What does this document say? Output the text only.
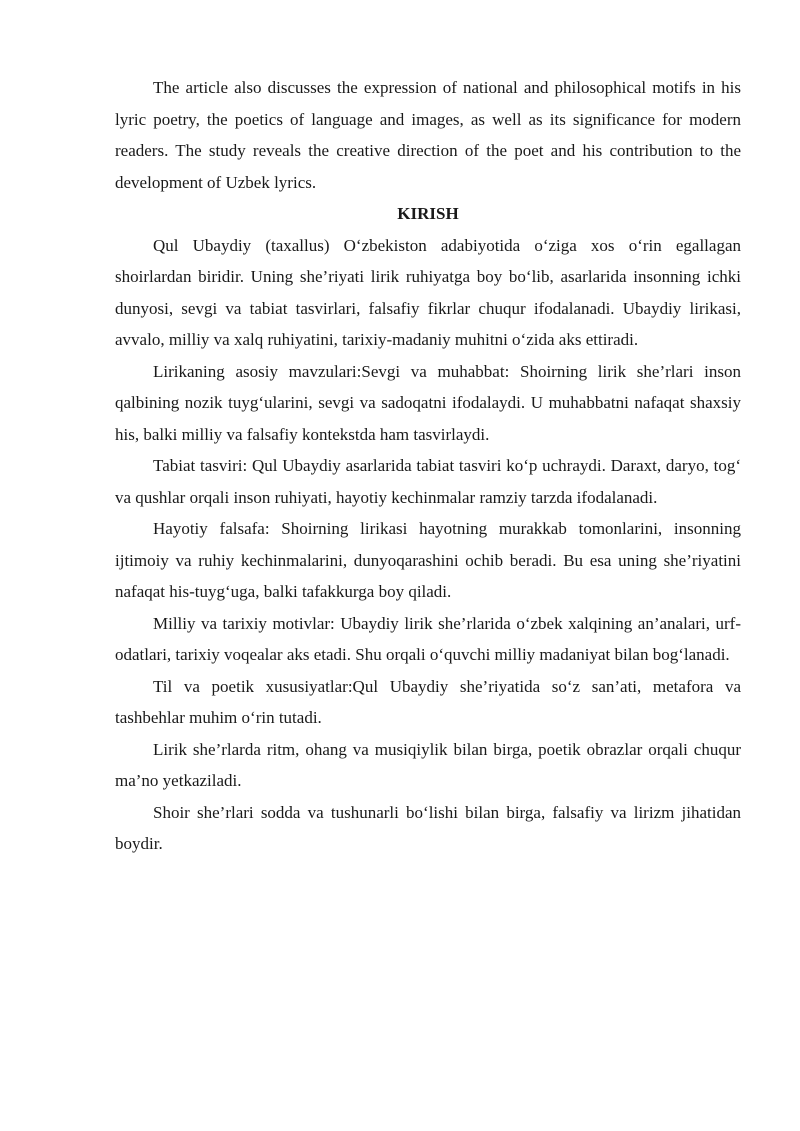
The article also discusses the expression of national and philosophical motifs in his lyric poetry, the poetics of language and images, as well as its significance for modern readers. The study reveals the creative direction of the poet and his contribution to the development of Uzbek lyrics.

KIRISH

Qul Ubaydiy (taxallus) O‘zbekiston adabiyotida o‘ziga xos o‘rin egallagan shoirlardan biridir. Uning she’riyati lirik ruhiyatga boy bo‘lib, asarlarida insonning ichki dunyosi, sevgi va tabiat tasvirlari, falsafiy fikrlar chuqur ifodalanadi. Ubaydiy lirikasi, avvalo, milliy va xalq ruhiyatini, tarixiy-madaniy muhitni o‘zida aks ettiradi.

Lirikaning asosiy mavzulari:Sevgi va muhabbat: Shoirning lirik she’rlari inson qalbining nozik tuyg‘ularini, sevgi va sadoqatni ifodalaydi. U muhabbatni nafaqat shaxsiy his, balki milliy va falsafiy kontekstda ham tasvirlaydi.

Tabiat tasviri: Qul Ubaydiy asarlarida tabiat tasviri ko‘p uchraydi. Daraxt, daryo, tog‘ va qushlar orqali inson ruhiyati, hayotiy kechinmalar ramziy tarzda ifodalanadi.

Hayotiy falsafa: Shoirning lirikasi hayotning murakkab tomonlarini, insonning ijtimoiy va ruhiy kechinmalarini, dunyoqarashini ochib beradi. Bu esa uning she’riyatini nafaqat his-tuyg‘uga, balki tafakkurga boy qiladi.

Milliy va tarixiy motivlar: Ubaydiy lirik she’rlarida o‘zbek xalqining an’analari, urf-odatlari, tarixiy voqealar aks etadi. Shu orqali o‘quvchi milliy madaniyat bilan bog‘lanadi.

Til va poetik xususiyatlar:Qul Ubaydiy she’riyatida so‘z san’ati, metafora va tashbehlar muhim o‘rin tutadi.

Lirik she’rlarda ritm, ohang va musiqiylik bilan birga, poetik obrazlar orqali chuqur ma’no yetkaziladi.

Shoir she’rlari sodda va tushunarli bo‘lishi bilan birga, falsafiy va lirizm jihatidan boydir.
